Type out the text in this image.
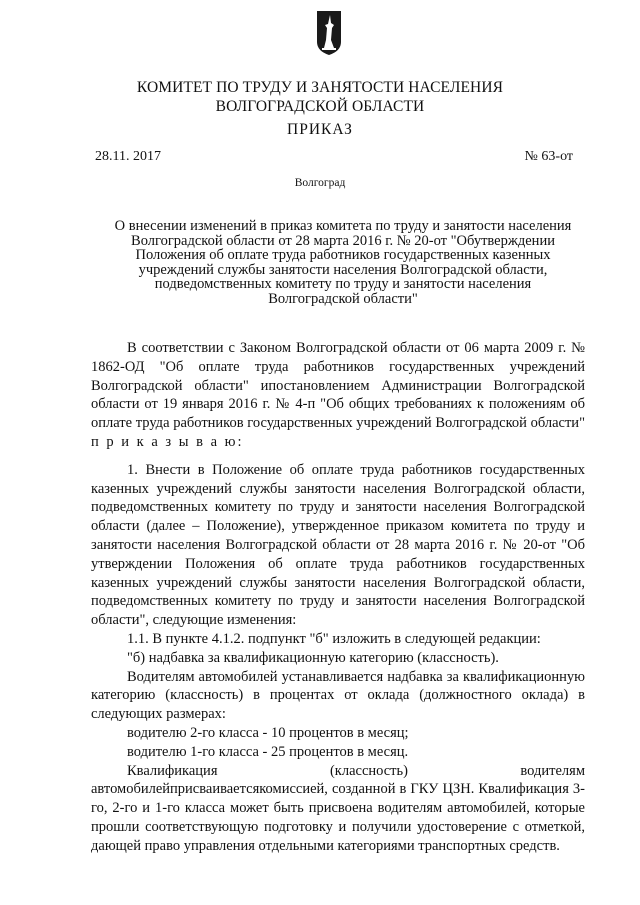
КОМИТЕТ ПО ТРУДУ И ЗАНЯТОСТИ НАСЕЛЕНИЯ
ВОЛГОГРАДСКОЙ ОБЛАСТИ
ПРИКАЗ
28.11. 2017	№ 63-от
Волгоград
О внесении изменений в приказ комитета по труду и занятости населения
Волгоградской области от 28 марта 2016 г. № 20-от "Обутверждении
Положения об оплате труда работников государственных казенных
учреждений службы занятости населения Волгоградской области,
подведомственных комитету по труду и занятости населения
Волгоградской области"

В соответствии с Законом Волгоградской области от 06 марта 2009 г. № 1862-ОД "Об оплате труда работников государственных учреждений Волгоградской области" ипостановлением Администрации Волгоградской области от 19 января 2016 г. № 4-п "Об общих требованиях к положениям об оплате труда работников государственных учреждений Волгоградской области" п р и к а з ы в а ю:

1. Внести в Положение об оплате труда работников государственных казенных учреждений службы занятости населения Волгоградской области, подведомственных комитету по труду и занятости населения Волгоградской области (далее – Положение), утвержденное приказом комитета по труду и занятости населения Волгоградской области от 28 марта 2016 г. № 20-от "Об утверждении Положения об оплате труда работников государственных казенных учреждений службы занятости населения Волгоградской области, подведомственных комитету по труду и занятости населения Волгоградской области", следующие изменения:

1.1. В пункте 4.1.2. подпункт "б" изложить в следующей редакции:

"б) надбавка за квалификационную категорию (классность).

Водителям автомобилей устанавливается надбавка за квалификационную категорию (классность) в процентах от оклада (должностного оклада) в следующих размерах:

водителю 2-го класса - 10 процентов в месяц;

водителю 1-го класса - 25 процентов в месяц.

Квалификация (классность) водителям автомобилейприсваиваетсякомиссией, созданной в ГКУ ЦЗН. Квалификация 3-го, 2-го и 1-го класса может быть присвоена водителям автомобилей, которые прошли соответствующую подготовку и получили удостоверение с отметкой, дающей право управления отдельными категориями транспортных средств.
